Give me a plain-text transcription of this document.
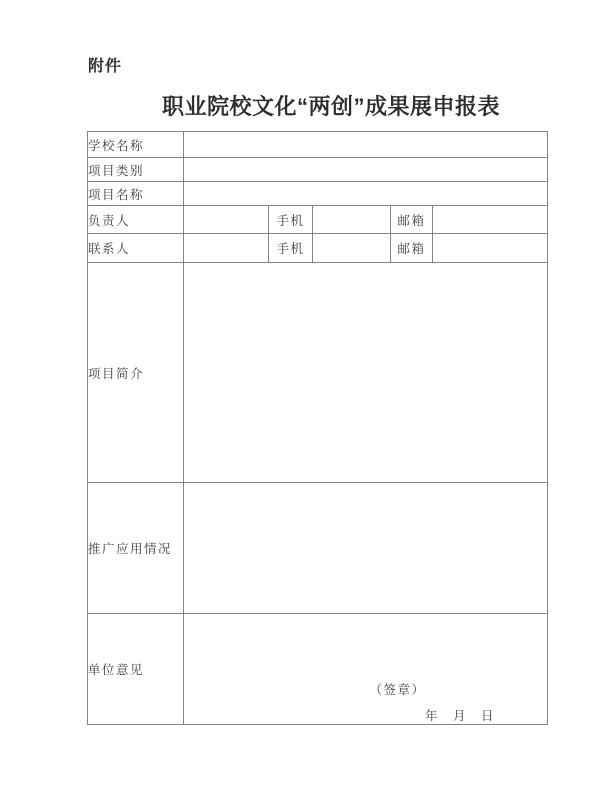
附件
职业院校文化“两创”成果展申报表
学校名称					
项目类别					
项目名称					
负责人		手机		邮箱	
联系人		手机		邮箱	
项目简介					
推广应用情况					
单位意见	（签章）
年　月　日				
